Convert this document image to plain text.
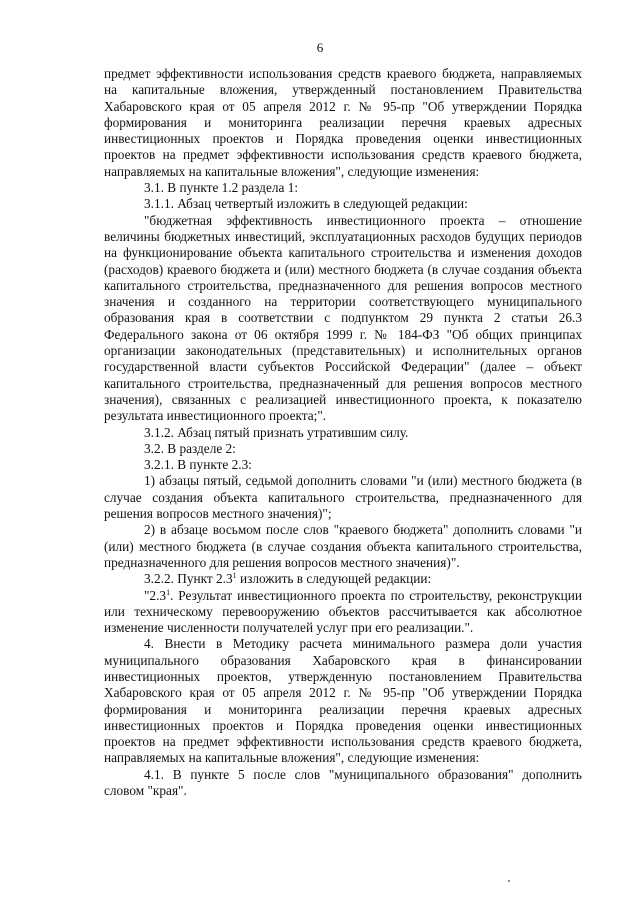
6

предмет эффективности использования средств краевого бюджета, направляемых на капитальные вложения, утвержденный постановлением Правительства Хабаровского края от 05 апреля 2012 г. № 95-пр "Об утверждении Порядка формирования и мониторинга реализации перечня краевых адресных инвестиционных проектов и Порядка проведения оценки инвестиционных проектов на предмет эффективности использования средств краевого бюджета, направляемых на капитальные вложения", следующие изменения:

3.1. В пункте 1.2 раздела 1:

3.1.1. Абзац четвертый изложить в следующей редакции:

"бюджетная эффективность инвестиционного проекта – отношение величины бюджетных инвестиций, эксплуатационных расходов будущих периодов на функционирование объекта капитального строительства и изменения доходов (расходов) краевого бюджета и (или) местного бюджета (в случае создания объекта капитального строительства, предназначенного для решения вопросов местного значения и созданного на территории соответствующего муниципального образования края в соответствии с подпунктом 29 пункта 2 статьи 26.3 Федерального закона от 06 октября 1999 г. № 184-ФЗ "Об общих принципах организации законодательных (представительных) и исполнительных органов государственной власти субъектов Российской Федерации" (далее – объект капитального строительства, предназначенный для решения вопросов местного значения), связанных с реализацией инвестиционного проекта, к показателю результата инвестиционного проекта;".

3.1.2. Абзац пятый признать утратившим силу.

3.2. В разделе 2:

3.2.1. В пункте 2.3:

1) абзацы пятый, седьмой дополнить словами "и (или) местного бюджета (в случае создания объекта капитального строительства, предназначенного для решения вопросов местного значения)";

2) в абзаце восьмом после слов "краевого бюджета" дополнить словами "и (или) местного бюджета (в случае создания объекта капитального строительства, предназначенного для решения вопросов местного значения)".

3.2.2. Пункт $2.3^1$ изложить в следующей редакции:

"$2.3^1$. Результат инвестиционного проекта по строительству, реконструкции или техническому перевооружению объектов рассчитывается как абсолютное изменение численности получателей услуг при его реализации.".

4. Внести в Методику расчета минимального размера доли участия муниципального образования Хабаровского края в финансировании инвестиционных проектов, утвержденную постановлением Правительства Хабаровского края от 05 апреля 2012 г. № 95-пр "Об утверждении Порядка формирования и мониторинга реализации перечня краевых адресных инвестиционных проектов и Порядка проведения оценки инвестиционных проектов на предмет эффективности использования средств краевого бюджета, направляемых на капитальные вложения", следующие изменения:

4.1. В пункте 5 после слов "муниципального образования" дополнить словом "края".
